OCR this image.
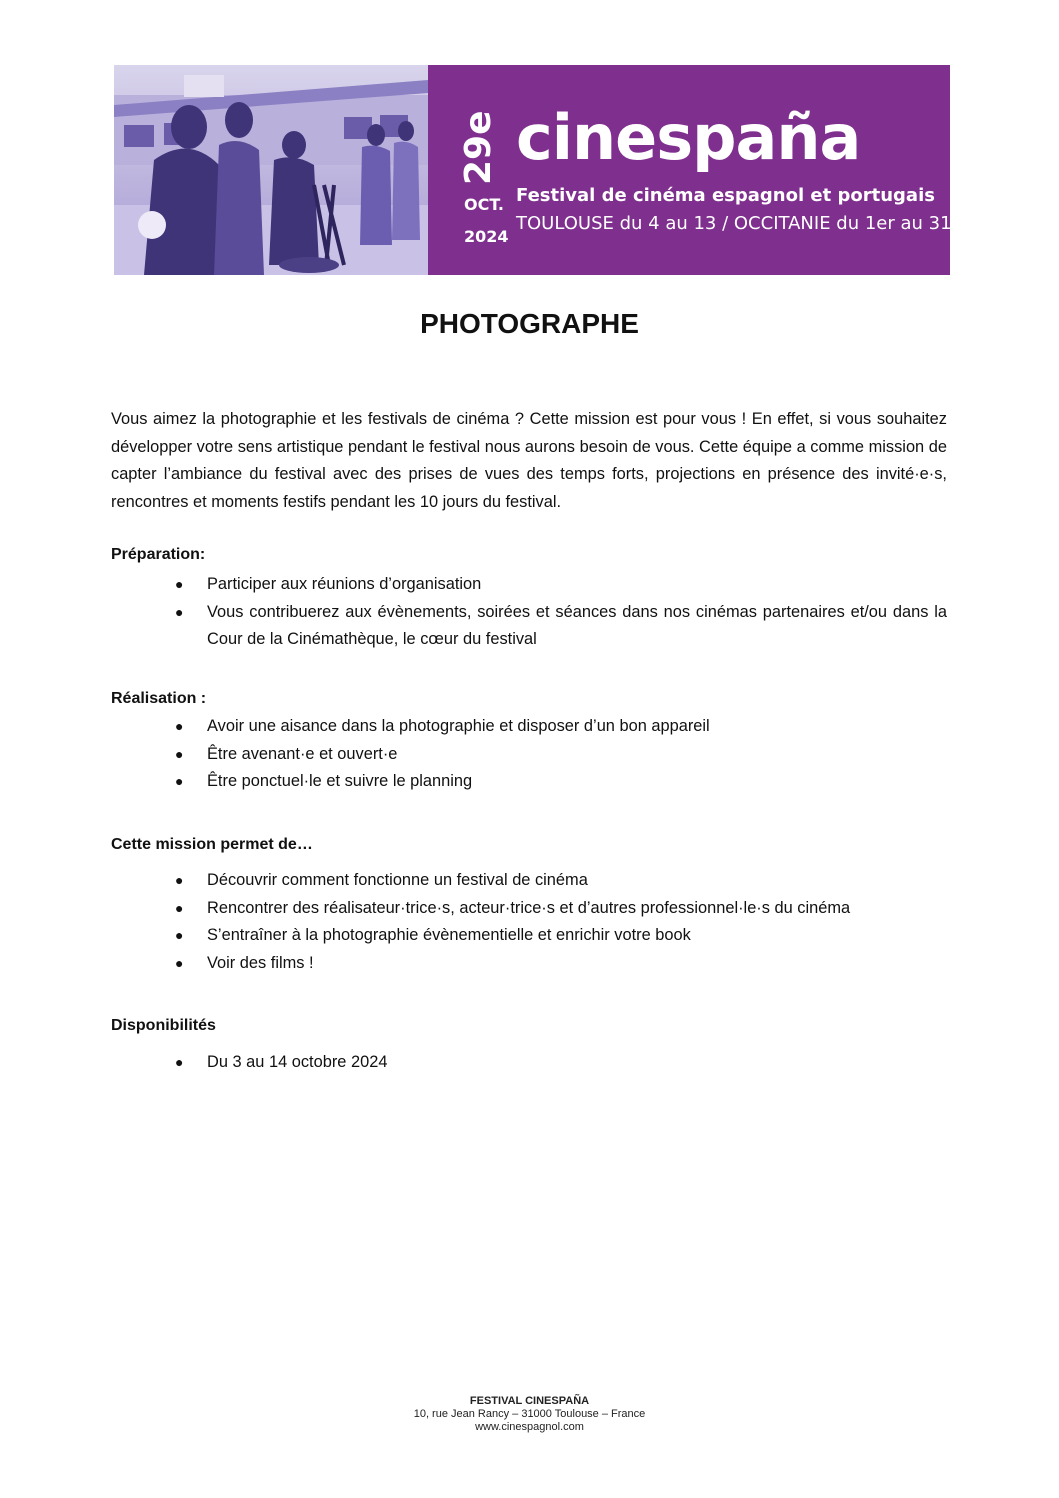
29e cinespaña
OCT.
2024
Festival de cinéma espagnol et portugais
TOULOUSE du 4 au 13 / OCCITANIE du 1er au 31
PHOTOGRAPHE

Vous aimez la photographie et les festivals de cinéma ? Cette mission est pour vous ! En effet, si vous souhaitez développer votre sens artistique pendant le festival nous aurons besoin de vous. Cette équipe a comme mission de capter l’ambiance du festival avec des prises de vues des temps forts, projections en présence des invité·e·s, rencontres et moments festifs pendant les 10 jours du festival.

Préparation:
● Participer aux réunions d’organisation
● Vous contribuerez aux évènements, soirées et séances dans nos cinémas partenaires et/ou dans la Cour de la Cinémathèque, le cœur du festival
Réalisation :
● Avoir une aisance dans la photographie et disposer d’un bon appareil
● Être avenant·e et ouvert·e
● Être ponctuel·le et suivre le planning
Cette mission permet de…
● Découvrir comment fonctionne un festival de cinéma
● Rencontrer des réalisateur·trice·s, acteur·trice·s et d’autres professionnel·le·s du cinéma
● S’entraîner à la photographie évènementielle et enrichir votre book
● Voir des films !
Disponibilités
● Du 3 au 14 octobre 2024
FESTIVAL CINESPAÑA
10, rue Jean Rancy – 31000 Toulouse – France
www.cinespagnol.com
